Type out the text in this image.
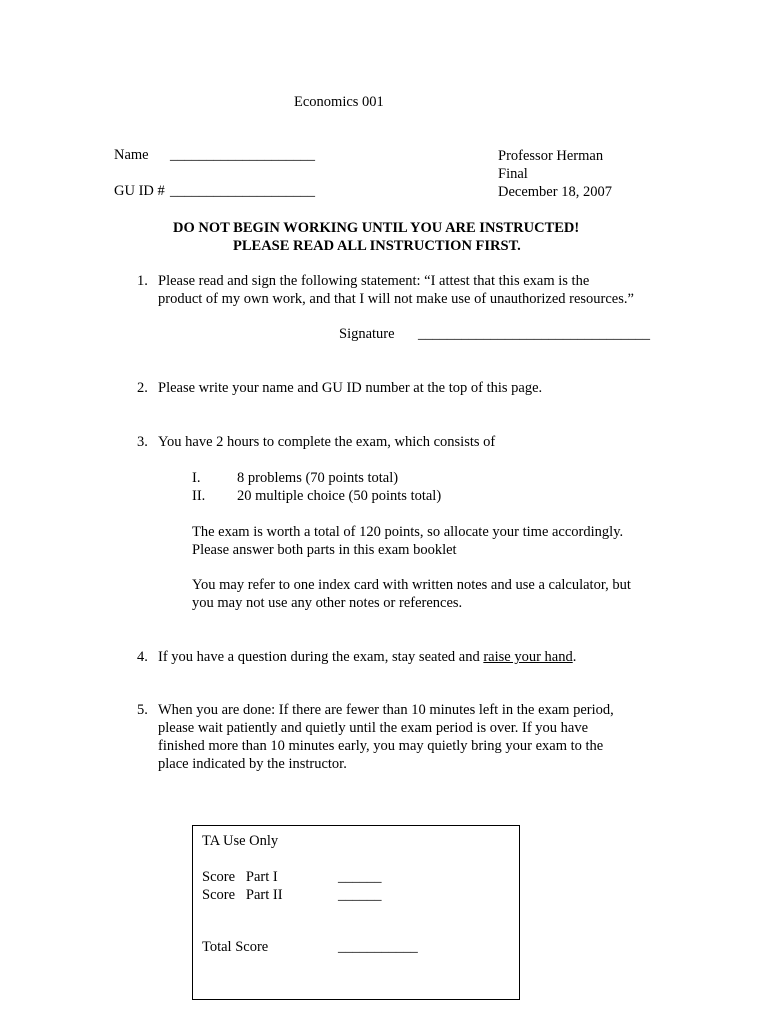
Economics 001
Name ____________________
GU ID # ____________________
Professor Herman
Final
December 18, 2007
DO NOT BEGIN WORKING UNTIL YOU ARE INSTRUCTED!
PLEASE READ ALL INSTRUCTION FIRST.
1. Please read and sign the following statement: “I attest that this exam is the
product of my own work, and that I will not make use of unauthorized resources.”
Signature ________________________________
2. Please write your name and GU ID number at the top of this page.
3. You have 2 hours to complete the exam, which consists of
I.	8 problems (70 points total)
II. 20 multiple choice (50 points total)
The exam is worth a total of 120 points, so allocate your time accordingly.
Please answer both parts in this exam booklet
You may refer to one index card with written notes and use a calculator, but
you may not use any other notes or references.
4. If you have a question during the exam, stay seated and raise your hand.
5. When you are done: If there are fewer than 10 minutes left in the exam period,
please wait patiently and quietly until the exam period is over. If you have
finished more than 10 minutes early, you may quietly bring your exam to the
place indicated by the instructor.
TA Use Only
Score   Part I	______
Score   Part II	______
Total Score	___________
